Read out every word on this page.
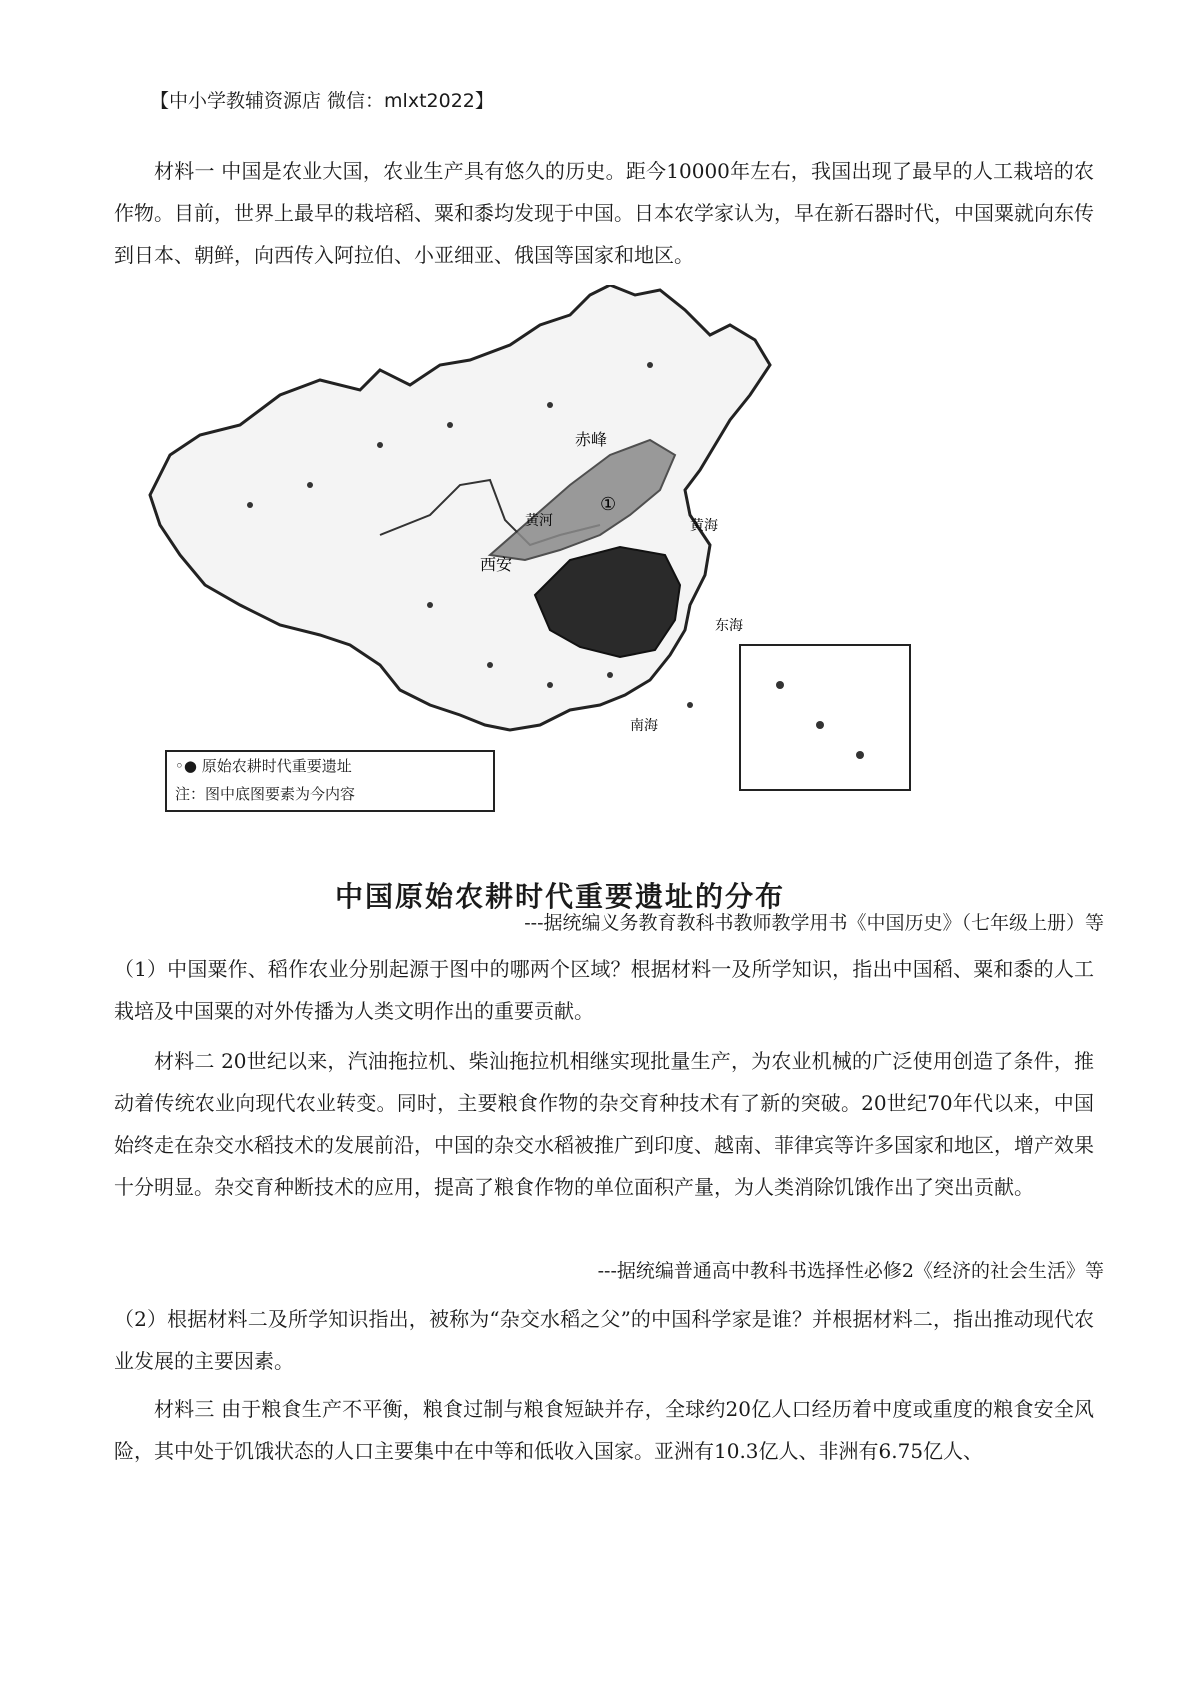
【中小学教辅资源店 微信：mlxt2022】
材料一 中国是农业大国，农业生产具有悠久的历史。距今10000年左右，我国出现了最早的人工栽培的农作物。目前，世界上最早的栽培稻、粟和黍均发现于中国。日本农学家认为，早在新石器时代，中国粟就向东传到日本、朝鲜，向西传入阿拉伯、小亚细亚、俄国等国家和地区。
赤峰
西安
黄河
①
黄海
东海
南海
◦● 原始农耕时代重要遗址
注：图中底图要素为今内容
中国原始农耕时代重要遗址的分布
---据统编义务教育教科书教师教学用书《中国历史》（七年级上册）等
（1）中国粟作、稻作农业分别起源于图中的哪两个区域？根据材料一及所学知识，指出中国稻、粟和黍的人工栽培及中国粟的对外传播为人类文明作出的重要贡献。
材料二 20世纪以来，汽油拖拉机、柴汕拖拉机相继实现批量生产，为农业机械的广泛使用创造了条件，推动着传统农业向现代农业转变。同时，主要粮食作物的杂交育种技术有了新的突破。20世纪70年代以来，中国始终走在杂交水稻技术的发展前沿，中国的杂交水稻被推广到印度、越南、菲律宾等许多国家和地区，增产效果十分明显。杂交育种断技术的应用，提高了粮食作物的单位面积产量，为人类消除饥饿作出了突出贡献。
---据统编普通高中教科书选择性必修2《经济的社会生活》等
（2）根据材料二及所学知识指出，被称为“杂交水稻之父”的中国科学家是谁？并根据材料二，指出推动现代农业发展的主要因素。
材料三 由于粮食生产不平衡，粮食过制与粮食短缺并存，全球约20亿人口经历着中度或重度的粮食安全风险，其中处于饥饿状态的人口主要集中在中等和低收入国家。亚洲有10.3亿人、非洲有6.75亿人、
